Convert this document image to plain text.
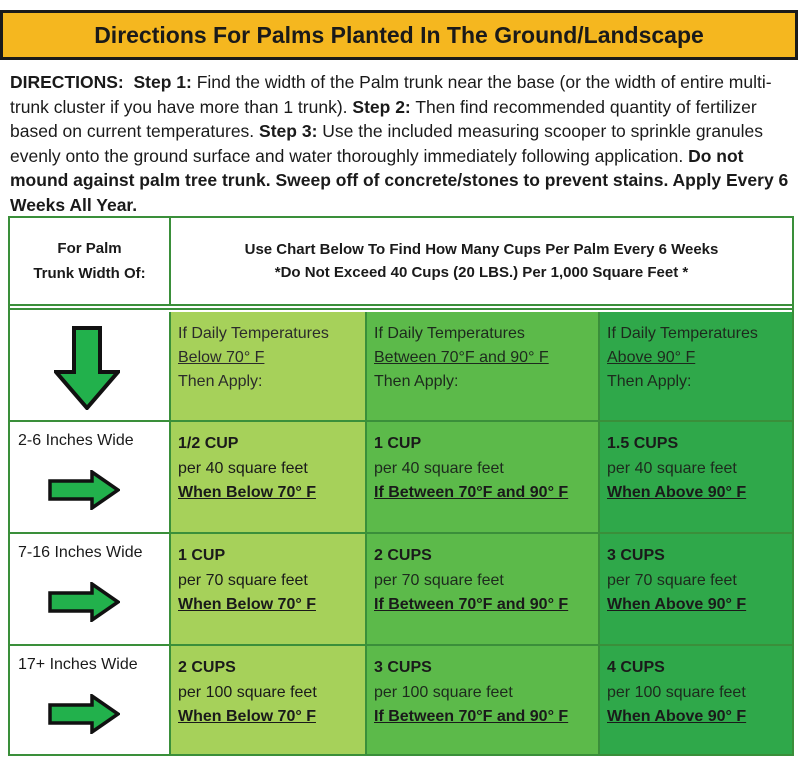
Directions For Palms Planted In The Ground/Landscape
DIRECTIONS: Step 1: Find the width of the Palm trunk near the base (or the width of entire multi-trunk cluster if you have more than 1 trunk). Step 2: Then find recommended quantity of fertilizer based on current temperatures. Step 3: Use the included measuring scooper to sprinkle granules evenly onto the ground surface and water thoroughly immediately following application. Do not mound against palm tree trunk. Sweep off of concrete/stones to prevent stains. Apply Every 6 Weeks All Year.
For Palm
Trunk Width Of:
Use Chart Below To Find How Many Cups Per Palm Every 6 Weeks
*Do Not Exceed 40 Cups (20 LBS.) Per 1,000 Square Feet *
If Daily Temperatures
Below 70° F
Then Apply:
If Daily Temperatures
Between 70°F and 90° F
Then Apply:
If Daily Temperatures
Above 90° F
Then Apply:
2-6 Inches Wide	1/2 CUP
per 40 square feet
When Below 70° F
1 CUP
per 40 square feet
If Between 70°F and 90° F
1.5 CUPS
per 40 square feet
When Above 90° F
7-16 Inches Wide 1 CUP
per 70 square feet
When Below 70° F
2 CUPS
per 70 square feet
If Between 70°F and 90° F
3 CUPS
per 70 square feet
When Above 90° F
17+ Inches Wide	2 CUPS
per 100 square feet
When Below 70° F
3 CUPS
per 100 square feet
If Between 70°F and 90° F
4 CUPS
per 100 square feet
When Above 90° F
